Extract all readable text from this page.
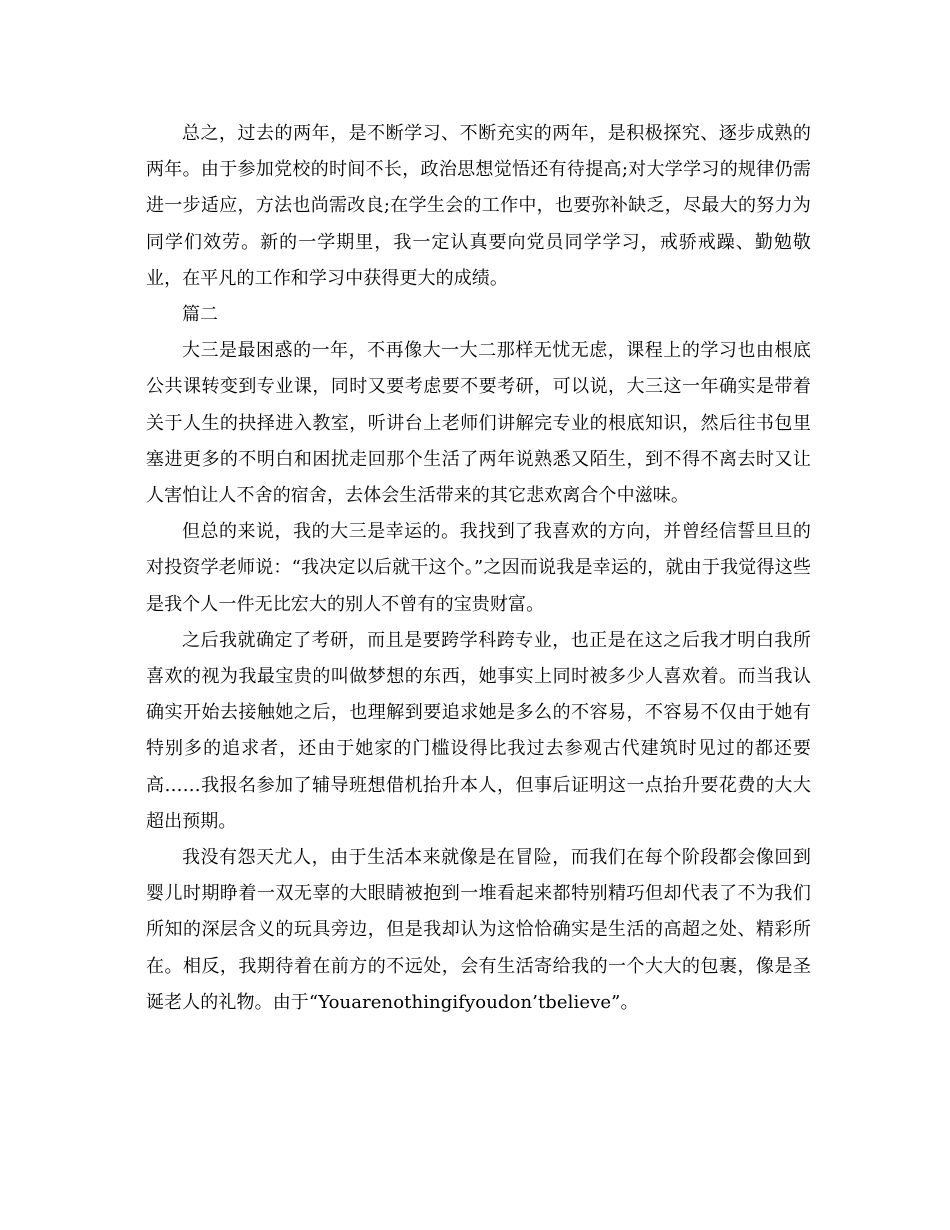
总之，过去的两年，是不断学习、不断充实的两年，是积极探究、逐步成熟的两年。由于参加党校的时间不长，政治思想觉悟还有待提高;对大学学习的规律仍需进一步适应，方法也尚需改良;在学生会的工作中，也要弥补缺乏，尽最大的努力为同学们效劳。新的一学期里，我一定认真要向党员同学学习，戒骄戒躁、勤勉敬业，在平凡的工作和学习中获得更大的成绩。

篇二

大三是最困惑的一年，不再像大一大二那样无忧无虑，课程上的学习也由根底公共课转变到专业课，同时又要考虑要不要考研，可以说，大三这一年确实是带着关于人生的抉择进入教室，听讲台上老师们讲解完专业的根底知识，然后往书包里塞进更多的不明白和困扰走回那个生活了两年说熟悉又陌生，到不得不离去时又让人害怕让人不舍的宿舍，去体会生活带来的其它悲欢离合个中滋味。

但总的来说，我的大三是幸运的。我找到了我喜欢的方向，并曾经信誓旦旦的对投资学老师说：“我决定以后就干这个。”之因而说我是幸运的，就由于我觉得这些是我个人一件无比宏大的别人不曾有的宝贵财富。

之后我就确定了考研，而且是要跨学科跨专业，也正是在这之后我才明白我所喜欢的视为我最宝贵的叫做梦想的东西，她事实上同时被多少人喜欢着。而当我认确实开始去接触她之后，也理解到要追求她是多么的不容易，不容易不仅由于她有特别多的追求者，还由于她家的门槛设得比我过去参观古代建筑时见过的都还要高……我报名参加了辅导班想借机抬升本人，但事后证明这一点抬升要花费的大大超出预期。

我没有怨天尤人，由于生活本来就像是在冒险，而我们在每个阶段都会像回到婴儿时期睁着一双无辜的大眼睛被抱到一堆看起来都特别精巧但却代表了不为我们所知的深层含义的玩具旁边，但是我却认为这恰恰确实是生活的高超之处、精彩所在。相反，我期待着在前方的不远处，会有生活寄给我的一个大大的包裹，像是圣诞老人的礼物。由于“Youarenothingifyoudon’tbelieve”。
